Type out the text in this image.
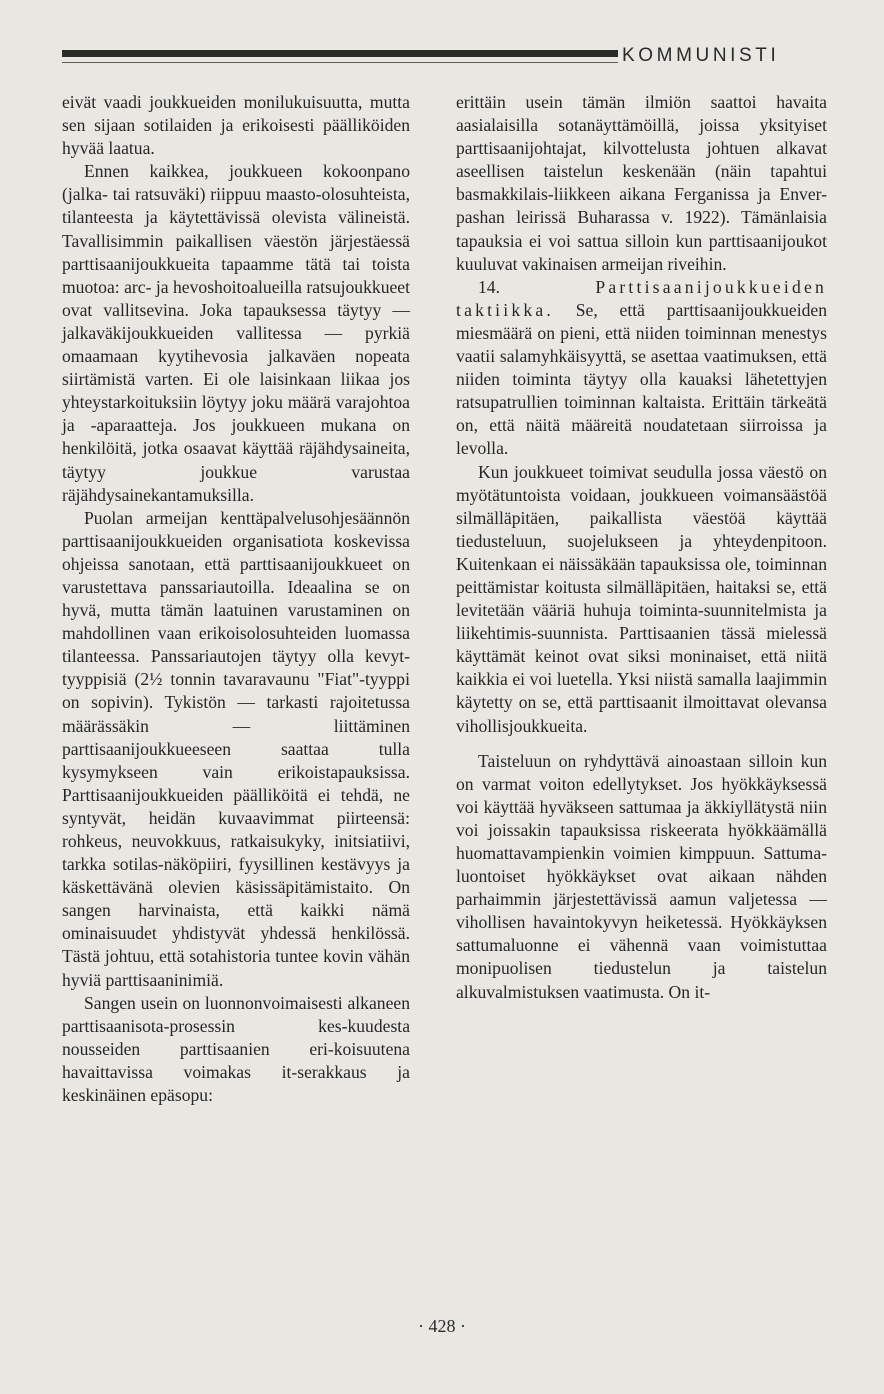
KOMMUNISTI

eivät vaadi joukkueiden monilukuisuutta, mutta sen sijaan sotilaiden ja erikoisesti päälliköiden hyvää laatua.

Ennen kaikkea, joukkueen kokoonpano (jalka- tai ratsuväki) riippuu maasto-olosuhteista, tilanteesta ja käytettävissä olevista välineistä. Tavallisimmin paikallisen väestön järjestäessä parttisaanijoukkueita tapaamme tätä tai toista muotoa: arc- ja hevoshoitoalueilla ratsujoukkueet ovat vallitsevina. Joka tapauksessa täytyy — jalkaväkijoukkueiden vallitessa — pyrkiä omaamaan kyytihevosia jalkaväen nopeata siirtämistä varten. Ei ole laisinkaan liikaa jos yhteystarkoituksiin löytyy joku määrä varajohtoa ja -aparaatteja. Jos joukkueen mukana on henkilöitä, jotka osaavat käyttää räjähdysaineita, täytyy joukkue varustaa räjähdysainekantamuksilla.

Puolan armeijan kenttäpalvelusohjesäännön parttisaanijoukkueiden organisatiota koskevissa ohjeissa sanotaan, että parttisaanijoukkueet on varustettava panssariautoilla. Ideaalina se on hyvä, mutta tämän laatuinen varustaminen on mahdollinen vaan erikoisolosuhteiden luomassa tilanteessa. Panssariautojen täytyy olla kevyt-tyyppisiä (2½ tonnin tavaravaunu "Fiat"-tyyppi on sopivin). Tykistön — tarkasti rajoitetussa määrässäkin — liittäminen parttisaanijoukkueeseen saattaa tulla kysymykseen vain erikoistapauksissa. Parttisaanijoukkueiden päälliköitä ei tehdä, ne syntyvät, heidän kuvaavimmat piirteensä: rohkeus, neuvokkuus, ratkaisukyky, initsiatiivi, tarkka sotilas-näköpiiri, fyysillinen kestävyys ja käskettävänä olevien käsissäpitämistaito. On sangen harvinaista, että kaikki nämä ominaisuudet yhdistyvät yhdessä henkilössä. Tästä johtuu, että sotahistoria tuntee kovin vähän hyviä parttisaaninimiä.

Sangen usein on luonnonvoimaisesti alkaneen parttisaanisota-prosessin kes-kuudesta nousseiden parttisaanien eri-koisuutena havaittavissa voimakas it-serakkaus ja keskinäinen epäsopu:

erittäin usein tämän ilmiön saattoi havaita aasialaisilla sotanäyttämöillä, joissa yksityiset parttisaanijohtajat, kilvottelusta johtuen alkavat aseellisen taistelun keskenään (näin tapahtui basmakkilais-liikkeen aikana Ferganissa ja Enver-pashan leirissä Buharassa v. 1922). Tämänlaisia tapauksia ei voi sattua silloin kun parttisaanijoukot kuuluvat vakinaisen armeijan riveihin.

14.	Parttisaanijoukkueiden taktiikka. Se, että parttisaanijoukkueiden miesmäärä on pieni, että niiden toiminnan menestys vaatii salamyhkäisyyttä, se asettaa vaatimuksen, että niiden toiminta täytyy olla kauaksi lähetettyjen ratsupatrullien toiminnan kaltaista. Erittäin tärkeätä on, että näitä määreitä noudatetaan siirroissa ja levolla.

Kun joukkueet toimivat seudulla jossa väestö on myötätuntoista voidaan, joukkueen voimansäästöä silmälläpitäen, paikallista väestöä käyttää tiedusteluun, suojelukseen ja yhteydenpitoon. Kuitenkaan ei näissäkään tapauksissa ole, toiminnan peittämistar koitusta silmälläpitäen, haitaksi se, että levitetään vääriä huhuja toiminta-suunnitelmista ja liikehtimis-suunnista. Parttisaanien tässä mielessä käyttämät keinot ovat siksi moninaiset, että niitä kaikkia ei voi luetella. Yksi niistä samalla laajimmin käytetty on se, että parttisaanit ilmoittavat olevansa vihollisjoukkueita.

Taisteluun on ryhdyttävä ainoastaan silloin kun on varmat voiton edellytykset. Jos hyökkäyksessä voi käyttää hyväkseen sattumaa ja äkkiyllätystä niin voi joissakin tapauksissa riskeerata hyökkäämällä huomattavampienkin voimien kimppuun. Sattuma-luontoiset hyökkäykset ovat aikaan nähden parhaimmin järjestettävissä aamun valjetessa — vihollisen havaintokyvyn heiketessä. Hyökkäyksen sattumaluonne ei vähennä vaan voimistuttaa monipuolisen tiedustelun ja taistelun alkuvalmistuksen vaatimusta. On it-

· 428 ·
